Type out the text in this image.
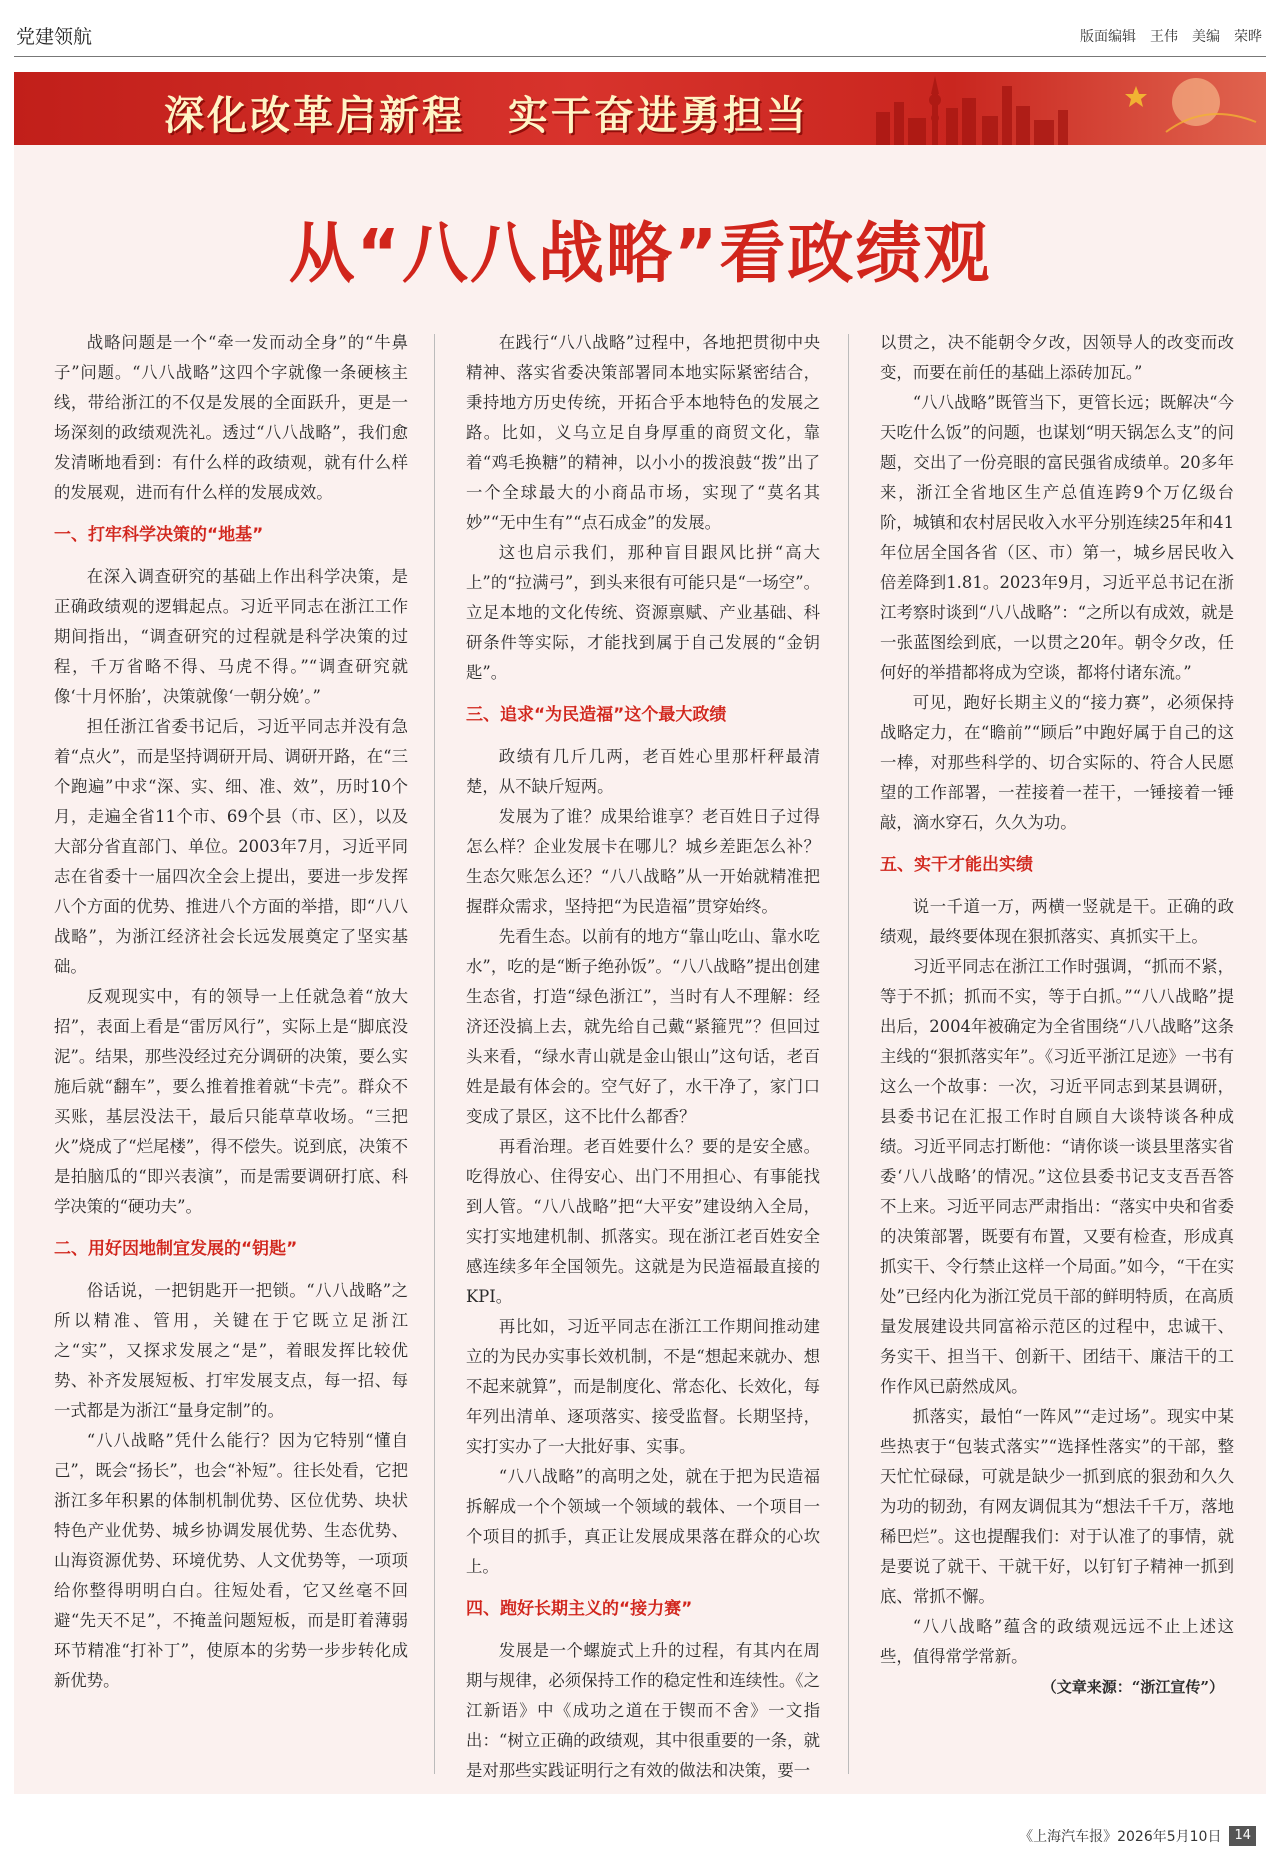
党建领航	版面编辑 王伟 美编 荣晔
深化改革启新程　实干奋进勇担当
从“八八战略”看政绩观

战略问题是一个“牵一发而动全身”的“牛鼻子”问题。“八八战略”这四个字就像一条硬核主线，带给浙江的不仅是发展的全面跃升，更是一场深刻的政绩观洗礼。透过“八八战略”，我们愈发清晰地看到：有什么样的政绩观，就有什么样的发展观，进而有什么样的发展成效。

一、打牢科学决策的“地基”

在深入调查研究的基础上作出科学决策，是正确政绩观的逻辑起点。习近平同志在浙江工作期间指出，“调查研究的过程就是科学决策的过程，千万省略不得、马虎不得。”“调查研究就像‘十月怀胎’，决策就像‘一朝分娩’。”

担任浙江省委书记后，习近平同志并没有急着“点火”，而是坚持调研开局、调研开路，在“三个跑遍”中求“深、实、细、准、效”，历时10个月，走遍全省11个市、69个县（市、区），以及大部分省直部门、单位。2003年7月，习近平同志在省委十一届四次全会上提出，要进一步发挥八个方面的优势、推进八个方面的举措，即“八八战略”，为浙江经济社会长远发展奠定了坚实基础。

反观现实中，有的领导一上任就急着“放大招”，表面上看是“雷厉风行”，实际上是“脚底没泥”。结果，那些没经过充分调研的决策，要么实施后就“翻车”，要么推着推着就“卡壳”。群众不买账，基层没法干，最后只能草草收场。“三把火”烧成了“烂尾楼”，得不偿失。说到底，决策不是拍脑瓜的“即兴表演”，而是需要调研打底、科学决策的“硬功夫”。

二、用好因地制宜发展的“钥匙”

俗话说，一把钥匙开一把锁。“八八战略”之所以精准、管用，关键在于它既立足浙江之“实”，又探求发展之“是”，着眼发挥比较优势、补齐发展短板、打牢发展支点，每一招、每一式都是为浙江“量身定制”的。

“八八战略”凭什么能行？因为它特别“懂自己”，既会“扬长”，也会“补短”。往长处看，它把浙江多年积累的体制机制优势、区位优势、块状特色产业优势、城乡协调发展优势、生态优势、山海资源优势、环境优势、人文优势等，一项项给你整得明明白白。往短处看，它又丝毫不回避“先天不足”，不掩盖问题短板，而是盯着薄弱环节精准“打补丁”，使原本的劣势一步步转化成新优势。

在践行“八八战略”过程中，各地把贯彻中央精神、落实省委决策部署同本地实际紧密结合，秉持地方历史传统，开拓合乎本地特色的发展之路。比如，义乌立足自身厚重的商贸文化，靠着“鸡毛换糖”的精神，以小小的拨浪鼓“拨”出了一个全球最大的小商品市场，实现了“莫名其妙”“无中生有”“点石成金”的发展。

这也启示我们，那种盲目跟风比拼“高大上”的“拉满弓”，到头来很有可能只是“一场空”。立足本地的文化传统、资源禀赋、产业基础、科研条件等实际，才能找到属于自己发展的“金钥匙”。

三、追求“为民造福”这个最大政绩

政绩有几斤几两，老百姓心里那杆秤最清楚，从不缺斤短两。

发展为了谁？成果给谁享？老百姓日子过得怎么样？企业发展卡在哪儿？城乡差距怎么补？生态欠账怎么还？“八八战略”从一开始就精准把握群众需求，坚持把“为民造福”贯穿始终。

先看生态。以前有的地方“靠山吃山、靠水吃水”，吃的是“断子绝孙饭”。“八八战略”提出创建生态省，打造“绿色浙江”，当时有人不理解：经济还没搞上去，就先给自己戴“紧箍咒”？但回过头来看，“绿水青山就是金山银山”这句话，老百姓是最有体会的。空气好了，水干净了，家门口变成了景区，这不比什么都香？

再看治理。老百姓要什么？要的是安全感。吃得放心、住得安心、出门不用担心、有事能找到人管。“八八战略”把“大平安”建设纳入全局，实打实地建机制、抓落实。现在浙江老百姓安全感连续多年全国领先。这就是为民造福最直接的KPI。

再比如，习近平同志在浙江工作期间推动建立的为民办实事长效机制，不是“想起来就办、想不起来就算”，而是制度化、常态化、长效化，每年列出清单、逐项落实、接受监督。长期坚持，实打实办了一大批好事、实事。

“八八战略”的高明之处，就在于把为民造福拆解成一个个领域一个领域的载体、一个项目一个项目的抓手，真正让发展成果落在群众的心坎上。

四、跑好长期主义的“接力赛”

发展是一个螺旋式上升的过程，有其内在周期与规律，必须保持工作的稳定性和连续性。《之江新语》中《成功之道在于锲而不舍》一文指出：“树立正确的政绩观，其中很重要的一条，就是对那些实践证明行之有效的做法和决策，要一

以贯之，决不能朝令夕改，因领导人的改变而改变，而要在前任的基础上添砖加瓦。”

“八八战略”既管当下，更管长远；既解决“今天吃什么饭”的问题，也谋划“明天锅怎么支”的问题，交出了一份亮眼的富民强省成绩单。20多年来，浙江全省地区生产总值连跨9个万亿级台阶，城镇和农村居民收入水平分别连续25年和41年位居全国各省（区、市）第一，城乡居民收入倍差降到1.81。2023年9月，习近平总书记在浙江考察时谈到“八八战略”：“之所以有成效，就是一张蓝图绘到底，一以贯之20年。朝令夕改，任何好的举措都将成为空谈，都将付诸东流。”

可见，跑好长期主义的“接力赛”，必须保持战略定力，在“瞻前”“顾后”中跑好属于自己的这一棒，对那些科学的、切合实际的、符合人民愿望的工作部署，一茬接着一茬干，一锤接着一锤敲，滴水穿石，久久为功。

五、实干才能出实绩

说一千道一万，两横一竖就是干。正确的政绩观，最终要体现在狠抓落实、真抓实干上。

习近平同志在浙江工作时强调，“抓而不紧，等于不抓；抓而不实，等于白抓。”“八八战略”提出后，2004年被确定为全省围绕“八八战略”这条主线的“狠抓落实年”。《习近平浙江足迹》一书有这么一个故事：一次，习近平同志到某县调研，县委书记在汇报工作时自顾自大谈特谈各种成绩。习近平同志打断他：“请你谈一谈县里落实省委‘八八战略’的情况。”这位县委书记支支吾吾答不上来。习近平同志严肃指出：“落实中央和省委的决策部署，既要有布置，又要有检查，形成真抓实干、令行禁止这样一个局面。”如今，“干在实处”已经内化为浙江党员干部的鲜明特质，在高质量发展建设共同富裕示范区的过程中，忠诚干、务实干、担当干、创新干、团结干、廉洁干的工作作风已蔚然成风。

抓落实，最怕“一阵风”“走过场”。现实中某些热衷于“包装式落实”“选择性落实”的干部，整天忙忙碌碌，可就是缺少一抓到底的狠劲和久久为功的韧劲，有网友调侃其为“想法千千万，落地稀巴烂”。这也提醒我们：对于认准了的事情，就是要说了就干、干就干好，以钉钉子精神一抓到底、常抓不懈。

“八八战略”蕴含的政绩观远远不止上述这些，值得常学常新。

（文章来源：“浙江宣传”）

《上海汽车报》2026年5月10日	14
